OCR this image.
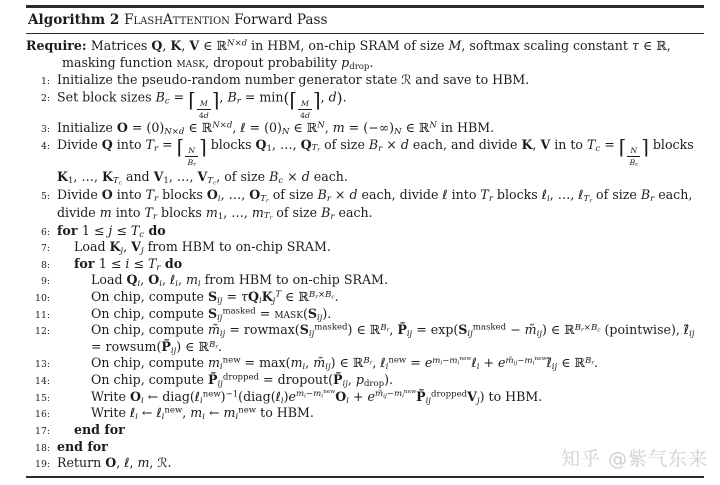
Algorithm 2 FlashAttention Forward Pass
Require: Matrices Q, K, V ∈ ℝ$^{N\times d}$ in HBM, on-chip SRAM of size M, softmax scaling constant τ ∈ ℝ, masking function mask, dropout probability pdrop.
1: Initialize the pseudo-random number generator state ℛ and save to HBM.
2: Set block sizes Bc = ⌈ $\frac{M}{4d}$ ⌉, Br = min(⌈ $\frac{M}{4d}$ ⌉, d).
3: Initialize O = (0)N×d ∈ ℝ$^{N\times d}$, ℓ = (0)N ∈ ℝ$^N$, m = (−∞)N ∈ ℝ$^N$ in HBM.
4: Divide Q into Tr = ⌈ $\frac{N}{Br}$ ⌉ blocks Q1, …, QTr of size Br × d each, and divide K, V in to Tc = ⌈ $\frac{N}{Bc}$ ⌉ blocks K1, …, KTc and V1, …, VTc, of size Bc × d each.
5: Divide O into Tr blocks Oi, …, OTr of size Br × d each, divide ℓ into Tr blocks ℓi, …, ℓTr of size Br each, divide m into Tr blocks m1, …, mTr of size Br each.
6: for 1 ≤ j ≤ Tc do
7:	Load Kj, Vj from HBM to on-chip SRAM.
8:	for 1 ≤ i ≤ Tr do
9:	Load Qi, Oi, ℓi, mi from HBM to on-chip SRAM.
10:	On chip, compute Sij = τQiKj$^T$ ∈ ℝ$^{Br\times Bc}$.
11:	On chip, compute Sij$^{masked}$ = mask(Sij).
12:	On chip, compute m̃ij = rowmax(Sij$^{masked}$) ∈ ℝ$^{Br}$, P̃ij = exp(Sij$^{masked}$ − m̃ij) ∈ ℝ$^{Br\times Bc}$ (pointwise), ℓ̃ij = rowsum(P̃ij) ∈ ℝ$^{Br}$.
13:	On chip, compute $mi^{new} = \max(mi$, m̃ij) ∈ ℝ$^{Br}$, ℓi$^{new}$ = $e^{mi-mi^{new}}\ell i$ + $e^{m̃ij-mi^{new}}\ell̃ij$ ∈ ℝ$^{Br}$.
14:	On chip, compute $P̃ij^{dropped}$ = dropout(P̃ij, pdrop).
15:	Write Oi ← $diag(\ell i^{new})^{-1}(diag(\ell i)e^{mi-mi^{new}}Oi$ + $e^{m̃ij-mi^{new}}P̃ij^{dropped}Vj$) to HBM.
16:	Write ℓi ← ℓi$^{new}$, mi ← $mi^{new}$ to HBM.
17:	end for
18: end for
19: Return O, ℓ, m, ℛ.	知乎 @紫气东来
